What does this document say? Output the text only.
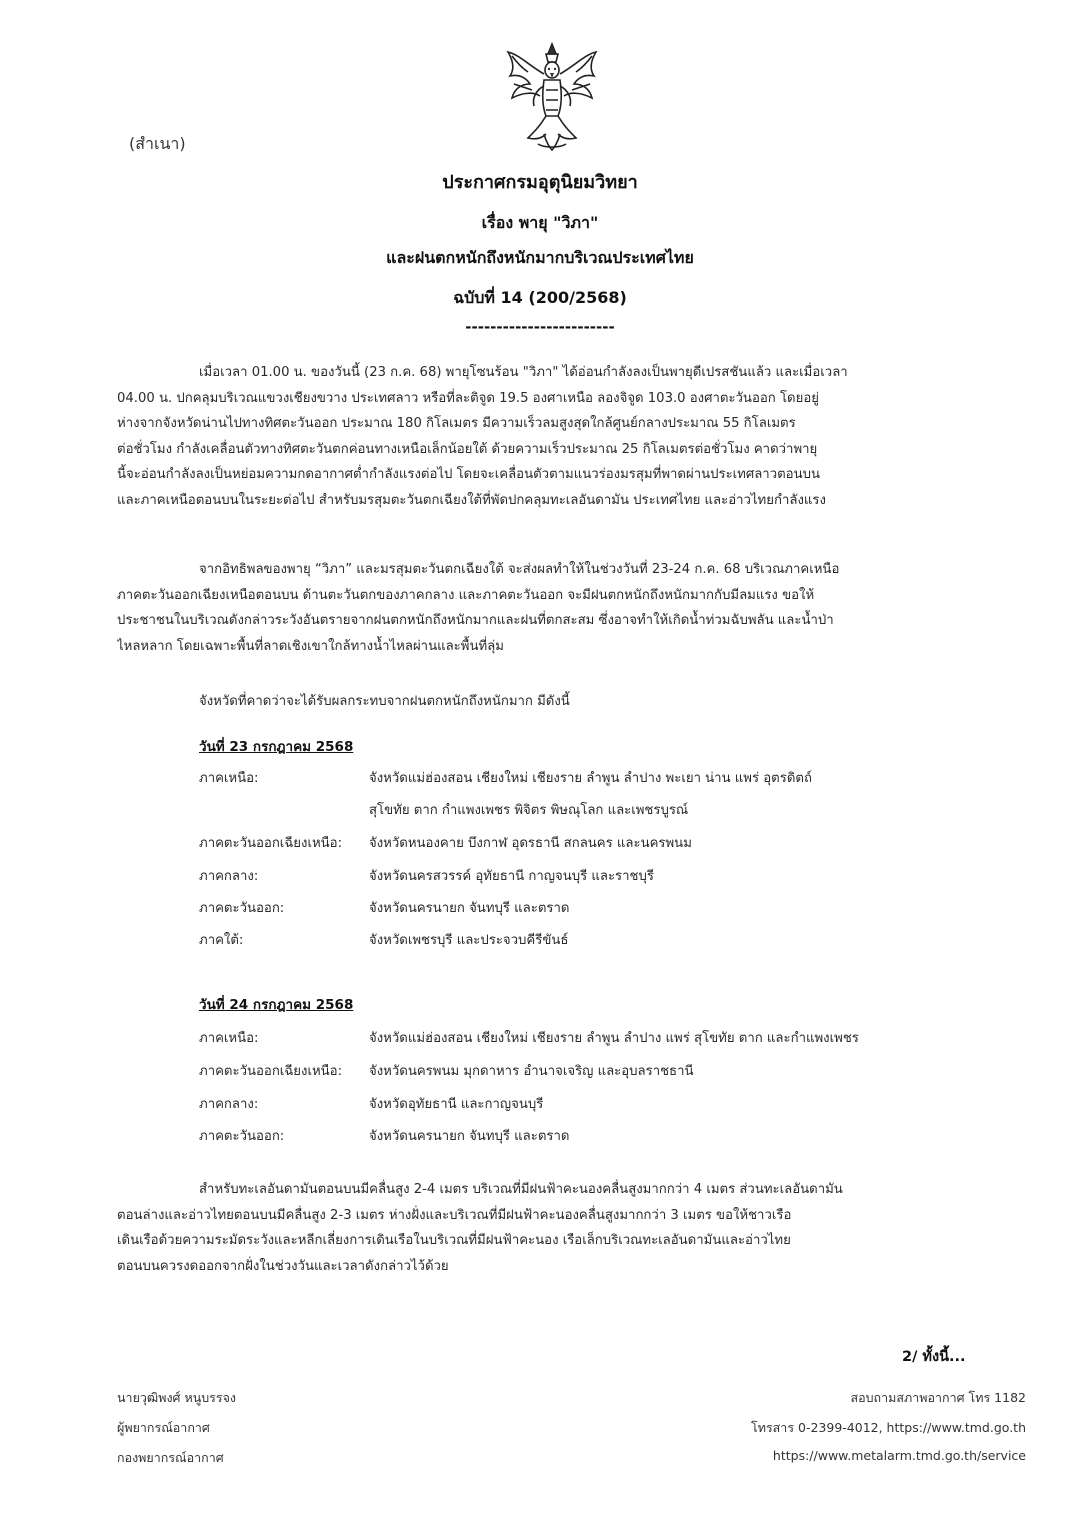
(สำเนา)
ประกาศกรมอุตุนิยมวิทยา
เรื่อง พายุ "วิภา"
และฝนตกหนักถึงหนักมากบริเวณประเทศไทย
ฉบับที่ 14 (200/2568)
------------------------
เมื่อเวลา 01.00 น. ของวันนี้ (23 ก.ค. 68) พายุโซนร้อน "วิภา" ได้อ่อนกำลังลงเป็นพายุดีเปรสชันแล้ว และเมื่อเวลา
04.00 น. ปกคลุมบริเวณแขวงเชียงขวาง ประเทศลาว หรือที่ละติจูด 19.5 องศาเหนือ ลองจิจูด 103.0 องศาตะวันออก โดยอยู่
ห่างจากจังหวัดน่านไปทางทิศตะวันออก ประมาณ 180 กิโลเมตร มีความเร็วลมสูงสุดใกล้ศูนย์กลางประมาณ 55 กิโลเมตร
ต่อชั่วโมง กำลังเคลื่อนตัวทางทิศตะวันตกค่อนทางเหนือเล็กน้อยใต้ ด้วยความเร็วประมาณ 25 กิโลเมตรต่อชั่วโมง คาดว่าพายุ
นี้จะอ่อนกำลังลงเป็นหย่อมความกดอากาศต่ำกำลังแรงต่อไป โดยจะเคลื่อนตัวตามแนวร่องมรสุมที่พาดผ่านประเทศลาวตอนบน
และภาคเหนือตอนบนในระยะต่อไป สำหรับมรสุมตะวันตกเฉียงใต้ที่พัดปกคลุมทะเลอันดามัน ประเทศไทย และอ่าวไทยกำลังแรง
จากอิทธิพลของพายุ “วิภา” และมรสุมตะวันตกเฉียงใต้ จะส่งผลทำให้ในช่วงวันที่ 23-24 ก.ค. 68 บริเวณภาคเหนือ
ภาคตะวันออกเฉียงเหนือตอนบน ด้านตะวันตกของภาคกลาง และภาคตะวันออก จะมีฝนตกหนักถึงหนักมากกับมีลมแรง ขอให้
ประชาชนในบริเวณดังกล่าวระวังอันตรายจากฝนตกหนักถึงหนักมากและฝนที่ตกสะสม ซึ่งอาจทำให้เกิดน้ำท่วมฉับพลัน และน้ำป่า
ไหลหลาก โดยเฉพาะพื้นที่ลาดเชิงเขาใกล้ทางน้ำไหลผ่านและพื้นที่ลุ่ม
จังหวัดที่คาดว่าจะได้รับผลกระทบจากฝนตกหนักถึงหนักมาก มีดังนี้
วันที่ 23 กรกฎาคม 2568
ภาคเหนือ:	จังหวัดแม่ฮ่องสอน เชียงใหม่ เชียงราย ลำพูน ลำปาง พะเยา น่าน แพร่ อุตรดิตถ์
สุโขทัย ตาก กำแพงเพชร พิจิตร พิษณุโลก และเพชรบูรณ์
ภาคตะวันออกเฉียงเหนือ: จังหวัดหนองคาย บึงกาฬ อุดรธานี สกลนคร และนครพนม
ภาคกลาง:	จังหวัดนครสวรรค์ อุทัยธานี กาญจนบุรี และราชบุรี
ภาคตะวันออก:	จังหวัดนครนายก จันทบุรี และตราด
ภาคใต้:	จังหวัดเพชรบุรี และประจวบคีรีขันธ์
วันที่ 24 กรกฎาคม 2568
ภาคเหนือ:	จังหวัดแม่ฮ่องสอน เชียงใหม่ เชียงราย ลำพูน ลำปาง แพร่ สุโขทัย ตาก และกำแพงเพชร
ภาคตะวันออกเฉียงเหนือ: จังหวัดนครพนม มุกดาหาร อำนาจเจริญ และอุบลราชธานี
ภาคกลาง:	จังหวัดอุทัยธานี และกาญจนบุรี
ภาคตะวันออก:	จังหวัดนครนายก จันทบุรี และตราด
สำหรับทะเลอันดามันตอนบนมีคลื่นสูง 2-4 เมตร บริเวณที่มีฝนฟ้าคะนองคลื่นสูงมากกว่า 4 เมตร ส่วนทะเลอันดามัน
ตอนล่างและอ่าวไทยตอนบนมีคลื่นสูง 2-3 เมตร ห่างฝั่งและบริเวณที่มีฝนฟ้าคะนองคลื่นสูงมากกว่า 3 เมตร ขอให้ชาวเรือ
เดินเรือด้วยความระมัดระวังและหลีกเลี่ยงการเดินเรือในบริเวณที่มีฝนฟ้าคะนอง เรือเล็กบริเวณทะเลอันดามันและอ่าวไทย
ตอนบนควรงดออกจากฝั่งในช่วงวันและเวลาดังกล่าวไว้ด้วย
2/ ทั้งนี้...
นายวุฒิพงศ์ หนูบรรจง
ผู้พยากรณ์อากาศ
กองพยากรณ์อากาศ
สอบถามสภาพอากาศ โทร 1182
โทรสาร 0-2399-4012, https://www.tmd.go.th
https://www.metalarm.tmd.go.th/service
